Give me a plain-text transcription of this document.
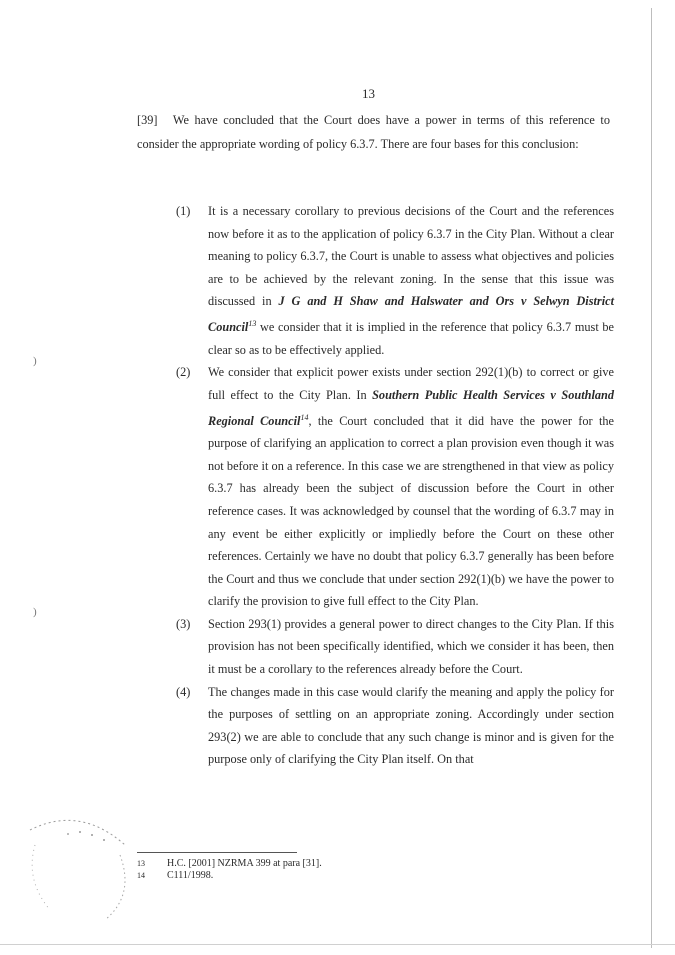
13

[39] We have concluded that the Court does have a power in terms of this reference to consider the appropriate wording of policy 6.3.7. There are four bases for this conclusion:

(1) It is a necessary corollary to previous decisions of the Court and the references now before it as to the application of policy 6.3.7 in the City Plan. Without a clear meaning to policy 6.3.7, the Court is unable to assess what objectives and policies are to be achieved by the relevant zoning. In the sense that this issue was discussed in J G and H Shaw and Halswater and Ors v Selwyn District Council$^{13}$ we consider that it is implied in the reference that policy 6.3.7 must be clear so as to be effectively applied.
(2) We consider that explicit power exists under section 292(1)(b) to correct or give full effect to the City Plan. In Southern Public Health Services v Southland Regional Council$^{14}$, the Court concluded that it did have the power for the purpose of clarifying an application to correct a plan provision even though it was not before it on a reference. In this case we are strengthened in that view as policy 6.3.7 has already been the subject of discussion before the Court in other reference cases. It was acknowledged by counsel that the wording of 6.3.7 may in any event be either explicitly or impliedly before the Court on these other references. Certainly we have no doubt that policy 6.3.7 generally has been before the Court and thus we conclude that under section 292(1)(b) we have the power to clarify the provision to give full effect to the City Plan.
(3) Section 293(1) provides a general power to direct changes to the City Plan. If this provision has not been specifically identified, which we consider it has been, then it must be a corollary to the references already before the Court.
(4) The changes made in this case would clarify the meaning and apply the policy for the purposes of settling on an appropriate zoning. Accordingly under section 293(2) we are able to conclude that any such change is minor and is given for the purpose only of clarifying the City Plan itself. On that
)
)
13	H.C. [2001] NZRMA 399 at para [31].
14	C111/1998.
